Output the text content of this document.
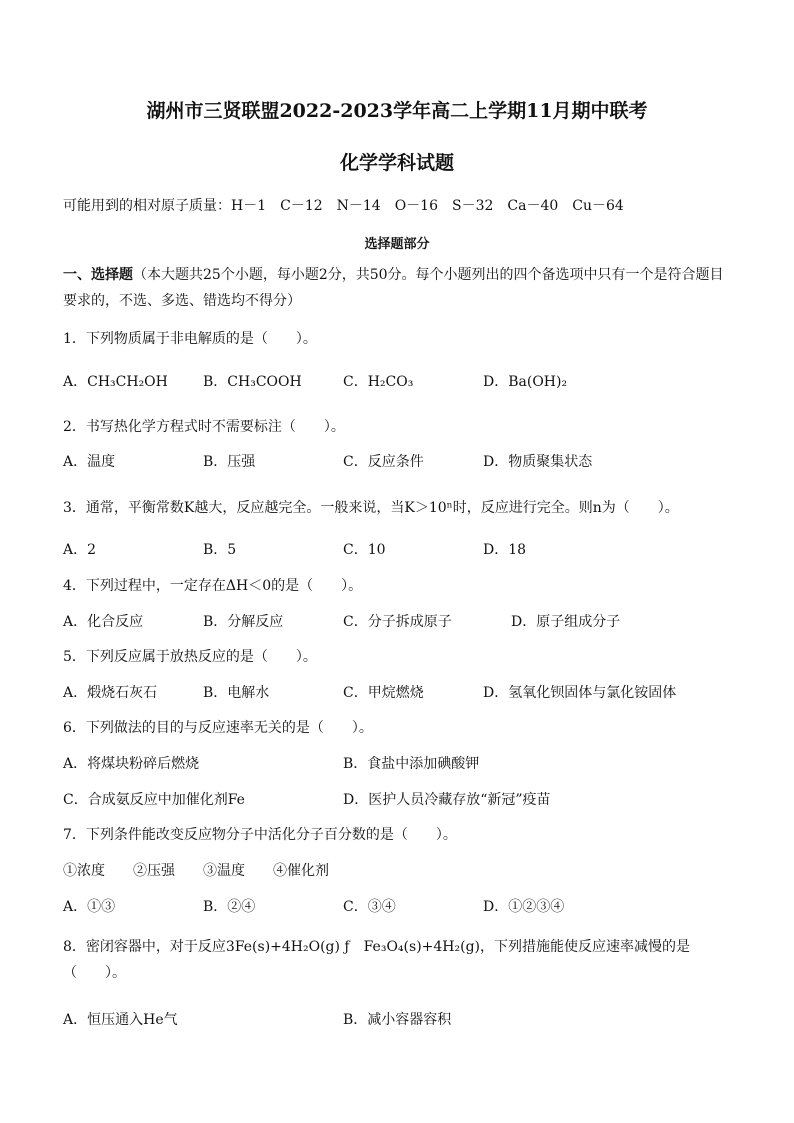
湖州市三贤联盟2022-2023学年高二上学期11月期中联考
化学学科试题
可能用到的相对原子质量：H－1　C－12　N－14　O－16　S－32　Ca－40　Cu－64
选择题部分
一、选择题（本大题共25个小题，每小题2分，共50分。每个小题列出的四个备选项中只有一个是符合题目要求的，不选、多选、错选均不得分）
1．下列物质属于非电解质的是（　　）。
A．CH₃CH₂OH	B．CH₃COOH	C．H₂CO₃	D．Ba(OH)₂
2．书写热化学方程式时不需要标注（　　）。
A．温度	B．压强	C．反应条件	D．物质聚集状态
3．通常，平衡常数K越大，反应越完全。一般来说，当K＞10ⁿ时，反应进行完全。则n为（　　）。
A．2	B．5	C．10	D．18
4．下列过程中，一定存在ΔH＜0的是（　　）。
A．化合反应	B．分解反应	C．分子拆成原子	D．原子组成分子
5．下列反应属于放热反应的是（　　）。
A．煅烧石灰石	B．电解水	C．甲烷燃烧	D．氢氧化钡固体与氯化铵固体
6．下列做法的目的与反应速率无关的是（　　）。
A．将煤块粉碎后燃烧	B．食盐中添加碘酸钾
C．合成氨反应中加催化剂Fe	D．医护人员冷藏存放“新冠”疫苗
7．下列条件能改变反应物分子中活化分子百分数的是（　　）。
①浓度　　②压强　　③温度　　④催化剂
A．①③	B．②④	C．③④	D．①②③④
8．密闭容器中，对于反应3Fe(s)+4H₂O(g) ƒ　Fe₃O₄(s)+4H₂(g)，下列措施能使反应速率减慢的是（　　）。
A．恒压通入He气	B．减小容器容积
